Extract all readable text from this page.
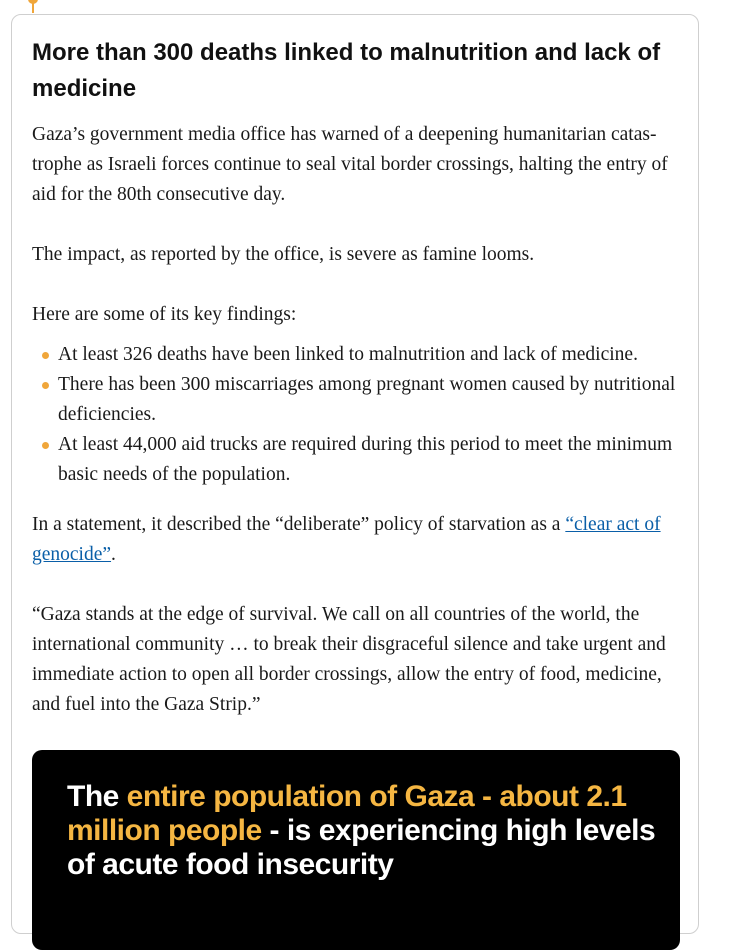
More than 300 deaths linked to malnutrition and lack of medicine

Gaza’s government media office has warned of a deepening humanitarian catastrophe as Israeli forces continue to seal vital border crossings, halting the entry of aid for the 80th consecutive day.

The impact, as reported by the office, is severe as famine looms.

Here are some of its key findings:

At least 326 deaths have been linked to malnutrition and lack of medicine.
There has been 300 miscarriages among pregnant women caused by nutritional deficiencies.
At least 44,000 aid trucks are required during this period to meet the minimum basic needs of the population.

In a statement, it described the “deliberate” policy of starvation as a “clear act of genocide”.

“Gaza stands at the edge of survival. We call on all countries of the world, the international community … to break their disgraceful silence and take urgent and immediate action to open all border crossings, allow the entry of food, medicine, and fuel into the Gaza Strip.”

The entire population of Gaza - about 2.1 million people - is experiencing high levels of acute food insecurity
